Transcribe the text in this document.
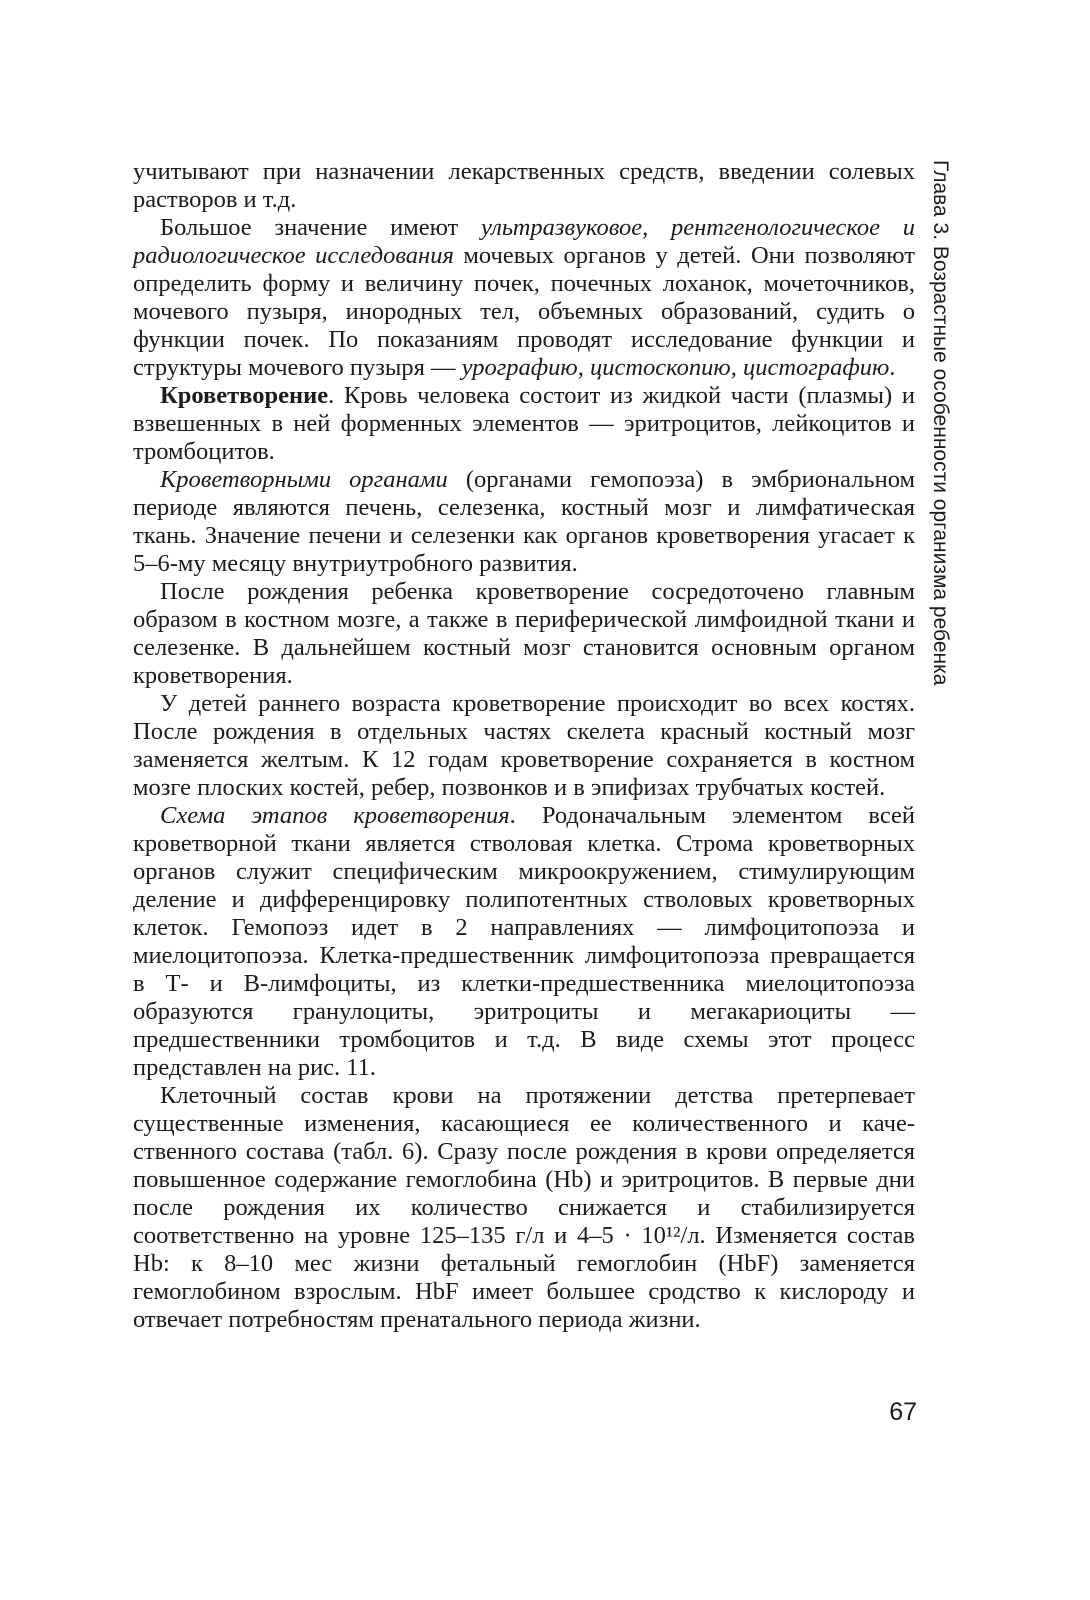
учитывают при назначении лекарственных средств, введении солевых растворов и т.д.

Большое значение имеют ультразвуковое, рентгенологическое и радиологическое исследования мочевых органов у детей. Они позволяют определить форму и величину почек, почечных лоханок, мочеточников, мочевого пузыря, инородных тел, объемных образований, судить о функции почек. По показаниям проводят исследование функции и структуры мочевого пузыря — урографию, цистоскопию, цистографию.

Кроветворение. Кровь человека состоит из жидкой части (плазмы) и взвешенных в ней форменных элементов — эритроцитов, лейкоцитов и тромбоцитов.

Кроветворными органами (органами гемопоэза) в эмбриональном периоде являются печень, селезенка, костный мозг и лимфатическая ткань. Значение печени и селезенки как органов кроветворения угасает к 5–6-му месяцу внутриутробного развития.

После рождения ребенка кроветворение сосредоточено главным образом в костном мозге, а также в периферической лимфоидной ткани и селезенке. В дальнейшем костный мозг становится основным органом кроветворения.

У детей раннего возраста кроветворение происходит во всех костях. После рождения в отдельных частях скелета красный костный мозг заменяется желтым. К 12 годам кроветворение сохраняется в костном мозге плоских костей, ребер, позвонков и в эпифизах трубчатых костей.

Схема этапов кроветворения. Родоначальным элементом всей кроветворной ткани является стволовая клетка. Строма кроветворных органов служит специфическим микроокружением, стимулирующим деление и дифференцировку полипотентных стволовых кроветворных клеток. Гемопоэз идет в 2 направлениях — лимфоцитопоэза и миелоцитопоэза. Клетка-предшественник лимфоцитопоэза превращается в Т- и В-лимфоциты, из клетки-предшественника миелоцитопоэза образуются гранулоциты, эритроциты и мегакариоциты — предшественники тромбоцитов и т.д. В виде схемы этот процесс представлен на рис. 11.

Клеточный состав крови на протяжении детства претерпевает существенные изменения, касающиеся ее количественного и качественного состава (табл. 6). Сразу после рождения в крови определяется повышенное содержание гемоглобина (Hb) и эритроцитов. В первые дни после рождения их количество снижается и стабилизируется соответственно на уровне 125–135 г/л и 4–5 · 10¹²/л. Изменяется состав Hb: к 8–10 мес жизни фетальный гемоглобин (HbF) заменяется гемоглобином взрослым. HbF имеет большее сродство к кислороду и отвечает потребностям пренатального периода жизни.

Глава 3. Возрастные особенности организма ребенка
67
